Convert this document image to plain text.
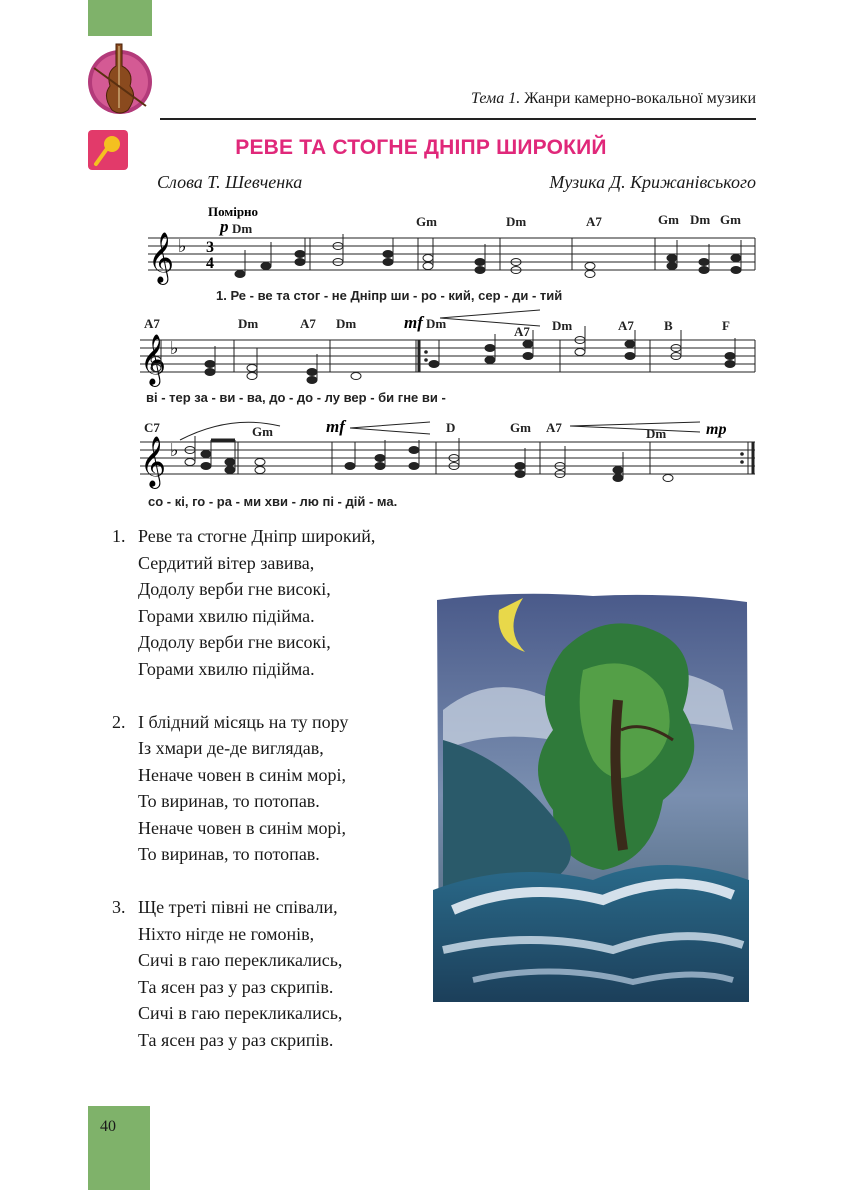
Тема 1. Жанри камерно-вокальної музики
РЕВЕ ТА СТОГНЕ ДНІПР ШИРОКИЙ
Слова Т. Шевченка	Музика Д. Крижанівського
Помірно
p Dm	Gm	Dm	A7	Gm Dm Gm
𝄞 ♭ 3
4
1. Ре - ве та стог - не Дніпр ши - ро - кий, сер - ди - тий
mf
A7	Dm	A7 Dm	Dm
A7 Dm	A7 B	F
𝄞 ♭
ві - тер за - ви - ва, до - до - лу вер - би гне ви -
mf	mp
C7	Gm	D	Gm A7	Dm
𝄞 ♭
со - кі, го - ра - ми хви - лю пі - дій - ма.
1. Реве та стогне Дніпр широкий,
Сердитий вітер завива,
Додолу верби гне високі,
Горами хвилю підійма.
Додолу верби гне високі,
Горами хвилю підійма.
2. І блідний місяць на ту пору
Із хмари де-де виглядав,
Неначе човен в синім морі,
То виринав, то потопав.
Неначе човен в синім морі,
То виринав, то потопав.
3. Ще треті півні не співали,
Ніхто нігде не гомонів,
Сичі в гаю перекликались,
Та ясен раз у раз скрипів.
Сичі в гаю перекликались,
Та ясен раз у раз скрипів.
40
